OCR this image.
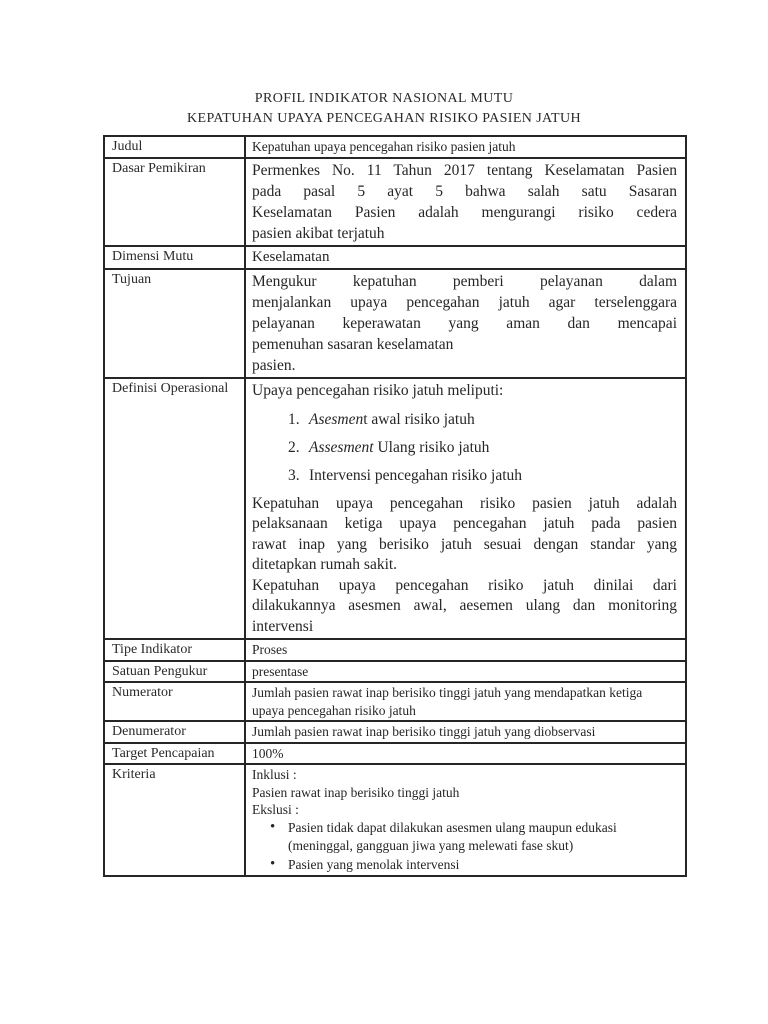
PROFIL INDIKATOR NASIONAL MUTU
KEPATUHAN UPAYA PENCEGAHAN RISIKO PASIEN JATUH
Judul	Kepatuhan upaya pencegahan risiko pasien jatuh
Dasar Pemikiran	Permenkes No. 11 Tahun 2017 tentang Keselamatan Pasien
pada pasal 5 ayat 5 bahwa salah satu Sasaran
Keselamatan Pasien adalah mengurangi risiko cedera
pasien akibat terjatuh

Dimensi Mutu	Keselamatan
Tujuan	Mengukur kepatuhan pemberi pelayanan dalam
menjalankan upaya pencegahan jatuh agar terselenggara
pelayanan keperawatan yang aman dan mencapai
pemenuhan sasaran keselamatan
pasien.

Definisi Operasional	Upaya pencegahan risiko jatuh meliputi:
1. Asesment awal risiko jatuh
2. Assesment Ulang risiko jatuh
3. Intervensi pencegahan risiko jatuh
Kepatuhan upaya pencegahan risiko pasien jatuh adalah
pelaksanaan ketiga upaya pencegahan jatuh pada pasien
rawat inap yang berisiko jatuh sesuai dengan standar yang
ditetapkan rumah sakit.
Kepatuhan upaya pencegahan risiko jatuh dinilai dari
dilakukannya asesmen awal, aesemen ulang dan monitoring
intervensi

Tipe Indikator	Proses
Satuan Pengukur	presentase
Numerator	Jumlah pasien rawat inap berisiko tinggi jatuh yang mendapatkan ketiga upaya pencegahan risiko jatuh
Denumerator	Jumlah pasien rawat inap berisiko tinggi jatuh yang diobservasi
Target Pencapaian	100%
Kriteria	Inklusi :
Pasien rawat inap berisiko tinggi jatuh
Ekslusi :
• Pasien tidak dapat dilakukan asesmen ulang maupun edukasi (meninggal, gangguan jiwa yang melewati fase skut)
• Pasien yang menolak intervensi
